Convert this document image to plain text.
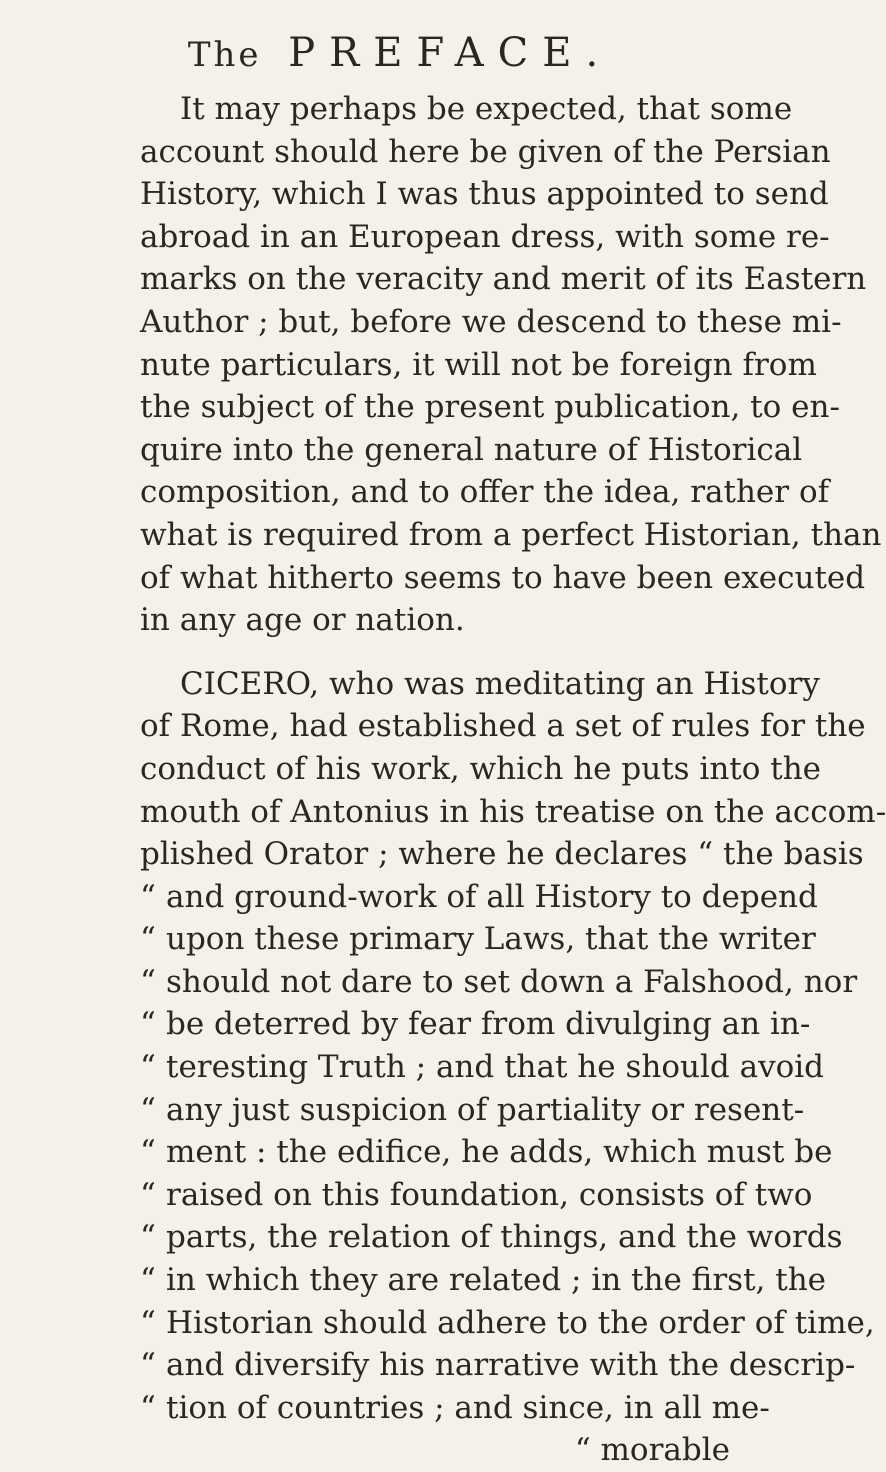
The PREFACE.
It may perhaps be expected, that some
account should here be given of the Persian
History, which I was thus appointed to send
abroad in an European dress, with some re-
marks on the veracity and merit of its Eastern
Author ; but, before we descend to these mi-
nute particulars, it will not be foreign from
the subject of the present publication, to en-
quire into the general nature of Historical
composition, and to offer the idea, rather of
what is required from a perfect Historian, than
of what hitherto seems to have been executed
in any age or nation.
CICERO, who was meditating an History
of Rome, had established a set of rules for the
conduct of his work, which he puts into the
mouth of Antonius in his treatise on the accom-
plished Orator ; where he declares “ the basis
“ and ground-work of all History to depend
“ upon these primary Laws, that the writer
“ should not dare to set down a Falshood, nor
“ be deterred by fear from divulging an in-
“ teresting Truth ; and that he should avoid
“ any just suspicion of partiality or resent-
“ ment : the edifice, he adds, which must be
“ raised on this foundation, consists of two
“ parts, the relation of things, and the words
“ in which they are related ; in the first, the
“ Historian should adhere to the order of time,
“ and diversify his narrative with the descrip-
“ tion of countries ; and since, in all me-
“ morable
